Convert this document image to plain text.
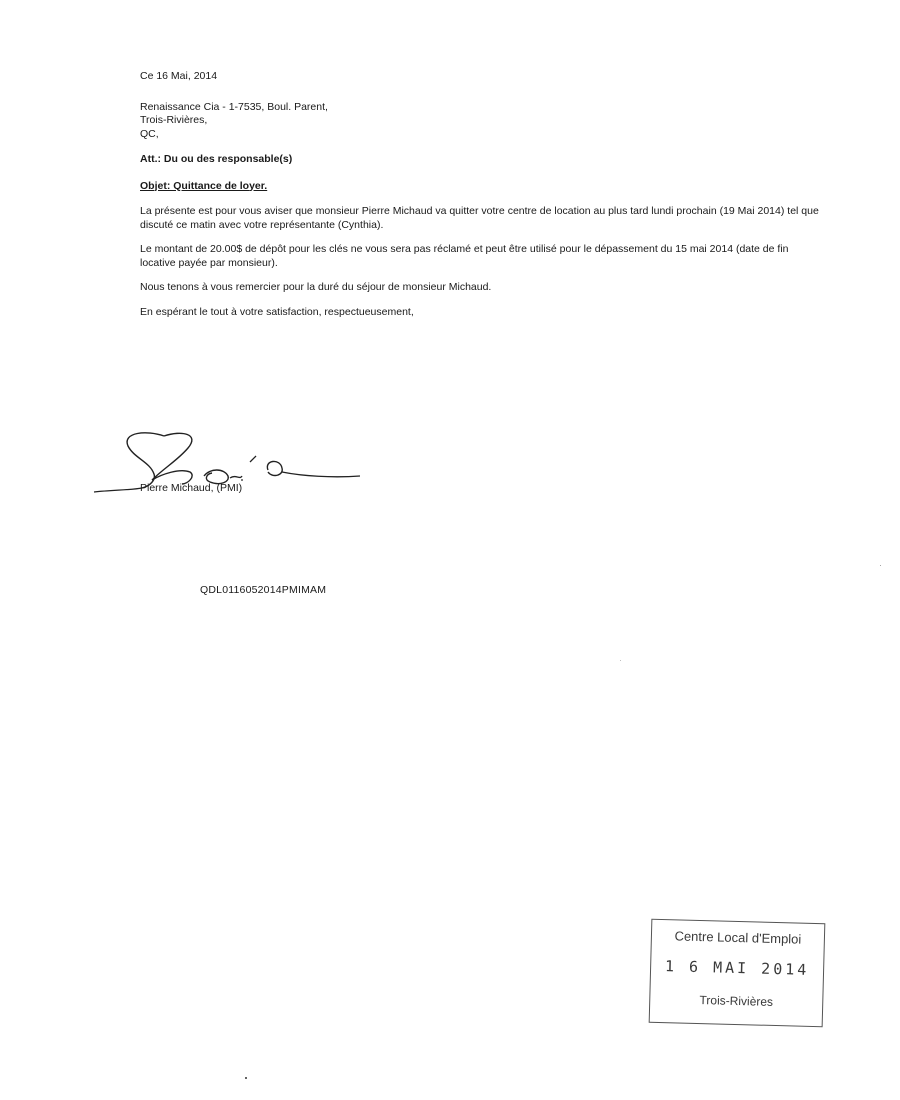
Ce 16 Mai, 2014

Renaissance Cia - 1-7535, Boul. Parent,
Trois-Rivières,
QC,

Att.: Du ou des responsable(s)

Objet: Quittance de loyer.

La présente est pour vous aviser que monsieur Pierre Michaud va quitter votre centre de location au plus tard lundi prochain (19 Mai 2014) tel que discuté ce matin avec votre représentante (Cynthia).

Le montant de 20.00$ de dépôt pour les clés ne vous sera pas réclamé et peut être utilisé pour le dépassement du 15 mai 2014 (date de fin locative payée par monsieur).

Nous tenons à vous remercier pour la duré du séjour de monsieur Michaud.

En espérant le tout à votre satisfaction, respectueusement,

Pierre Michaud, (PMI)
QDL0116052014PMIMAM
Centre Local d'Emploi
1 6 MAI 2014
Trois-Rivières
